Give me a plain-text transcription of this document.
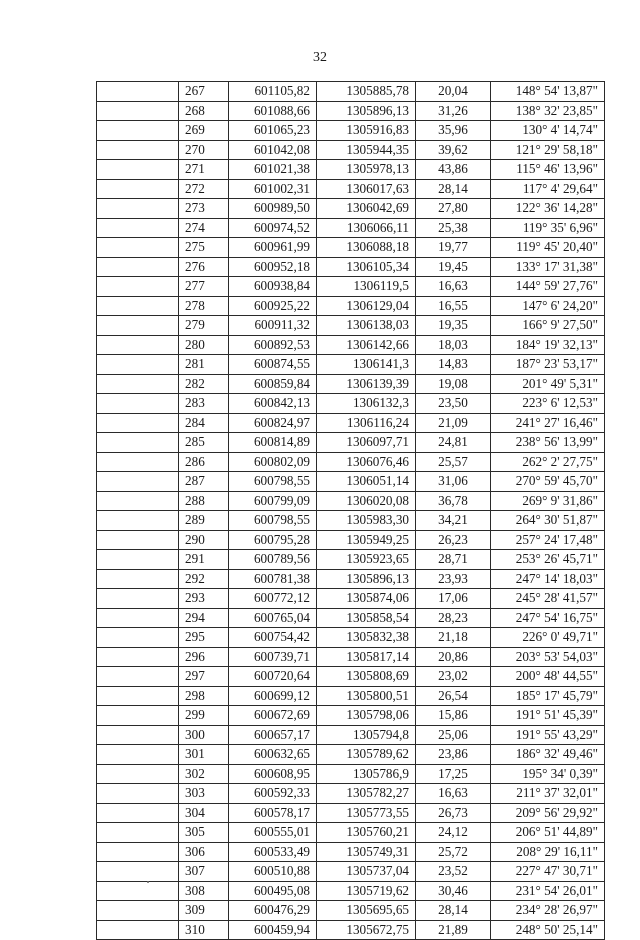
32
	267	601105,82	1305885,78	20,04	148° 54' 13,87"
	268	601088,66	1305896,13	31,26	138° 32' 23,85"
	269	601065,23	1305916,83	35,96	130° 4' 14,74"
	270	601042,08	1305944,35	39,62	121° 29' 58,18"
	271	601021,38	1305978,13	43,86	115° 46' 13,96"
	272	601002,31	1306017,63	28,14	117° 4' 29,64"
	273	600989,50	1306042,69	27,80	122° 36' 14,28"
	274	600974,52	1306066,11	25,38	119° 35' 6,96"
	275	600961,99	1306088,18	19,77	119° 45' 20,40"
	276	600952,18	1306105,34	19,45	133° 17' 31,38"
	277	600938,84	1306119,5	16,63	144° 59' 27,76"
	278	600925,22	1306129,04	16,55	147° 6' 24,20"
	279	600911,32	1306138,03	19,35	166° 9' 27,50"
	280	600892,53	1306142,66	18,03	184° 19' 32,13"
	281	600874,55	1306141,3	14,83	187° 23' 53,17"
	282	600859,84	1306139,39	19,08	201° 49' 5,31"
	283	600842,13	1306132,3	23,50	223° 6' 12,53"
	284	600824,97	1306116,24	21,09	241° 27' 16,46"
	285	600814,89	1306097,71	24,81	238° 56' 13,99"
	286	600802,09	1306076,46	25,57	262° 2' 27,75"
	287	600798,55	1306051,14	31,06	270° 59' 45,70"
	288	600799,09	1306020,08	36,78	269° 9' 31,86"
	289	600798,55	1305983,30	34,21	264° 30' 51,87"
	290	600795,28	1305949,25	26,23	257° 24' 17,48"
	291	600789,56	1305923,65	28,71	253° 26' 45,71"
	292	600781,38	1305896,13	23,93	247° 14' 18,03"
	293	600772,12	1305874,06	17,06	245° 28' 41,57"
	294	600765,04	1305858,54	28,23	247° 54' 16,75"
	295	600754,42	1305832,38	21,18	226° 0' 49,71"
	296	600739,71	1305817,14	20,86	203° 53' 54,03"
	297	600720,64	1305808,69	23,02	200° 48' 44,55"
	298	600699,12	1305800,51	26,54	185° 17' 45,79"
	299	600672,69	1305798,06	15,86	191° 51' 45,39"
	300	600657,17	1305794,8	25,06	191° 55' 43,29"
	301	600632,65	1305789,62	23,86	186° 32' 49,46"
	302	600608,95	1305786,9	17,25	195° 34' 0,39"
	303	600592,33	1305782,27	16,63	211° 37' 32,01"
	304	600578,17	1305773,55	26,73	209° 56' 29,92"
	305	600555,01	1305760,21	24,12	206° 51' 44,89"
	306	600533,49	1305749,31	25,72	208° 29' 16,11"
	307	600510,88	1305737,04	23,52	227° 47' 30,71"
	308	600495,08	1305719,62	30,46	231° 54' 26,01"
	309	600476,29	1305695,65	28,14	234° 28' 26,97"
	310	600459,94	1305672,75	21,89	248° 50' 25,14"
